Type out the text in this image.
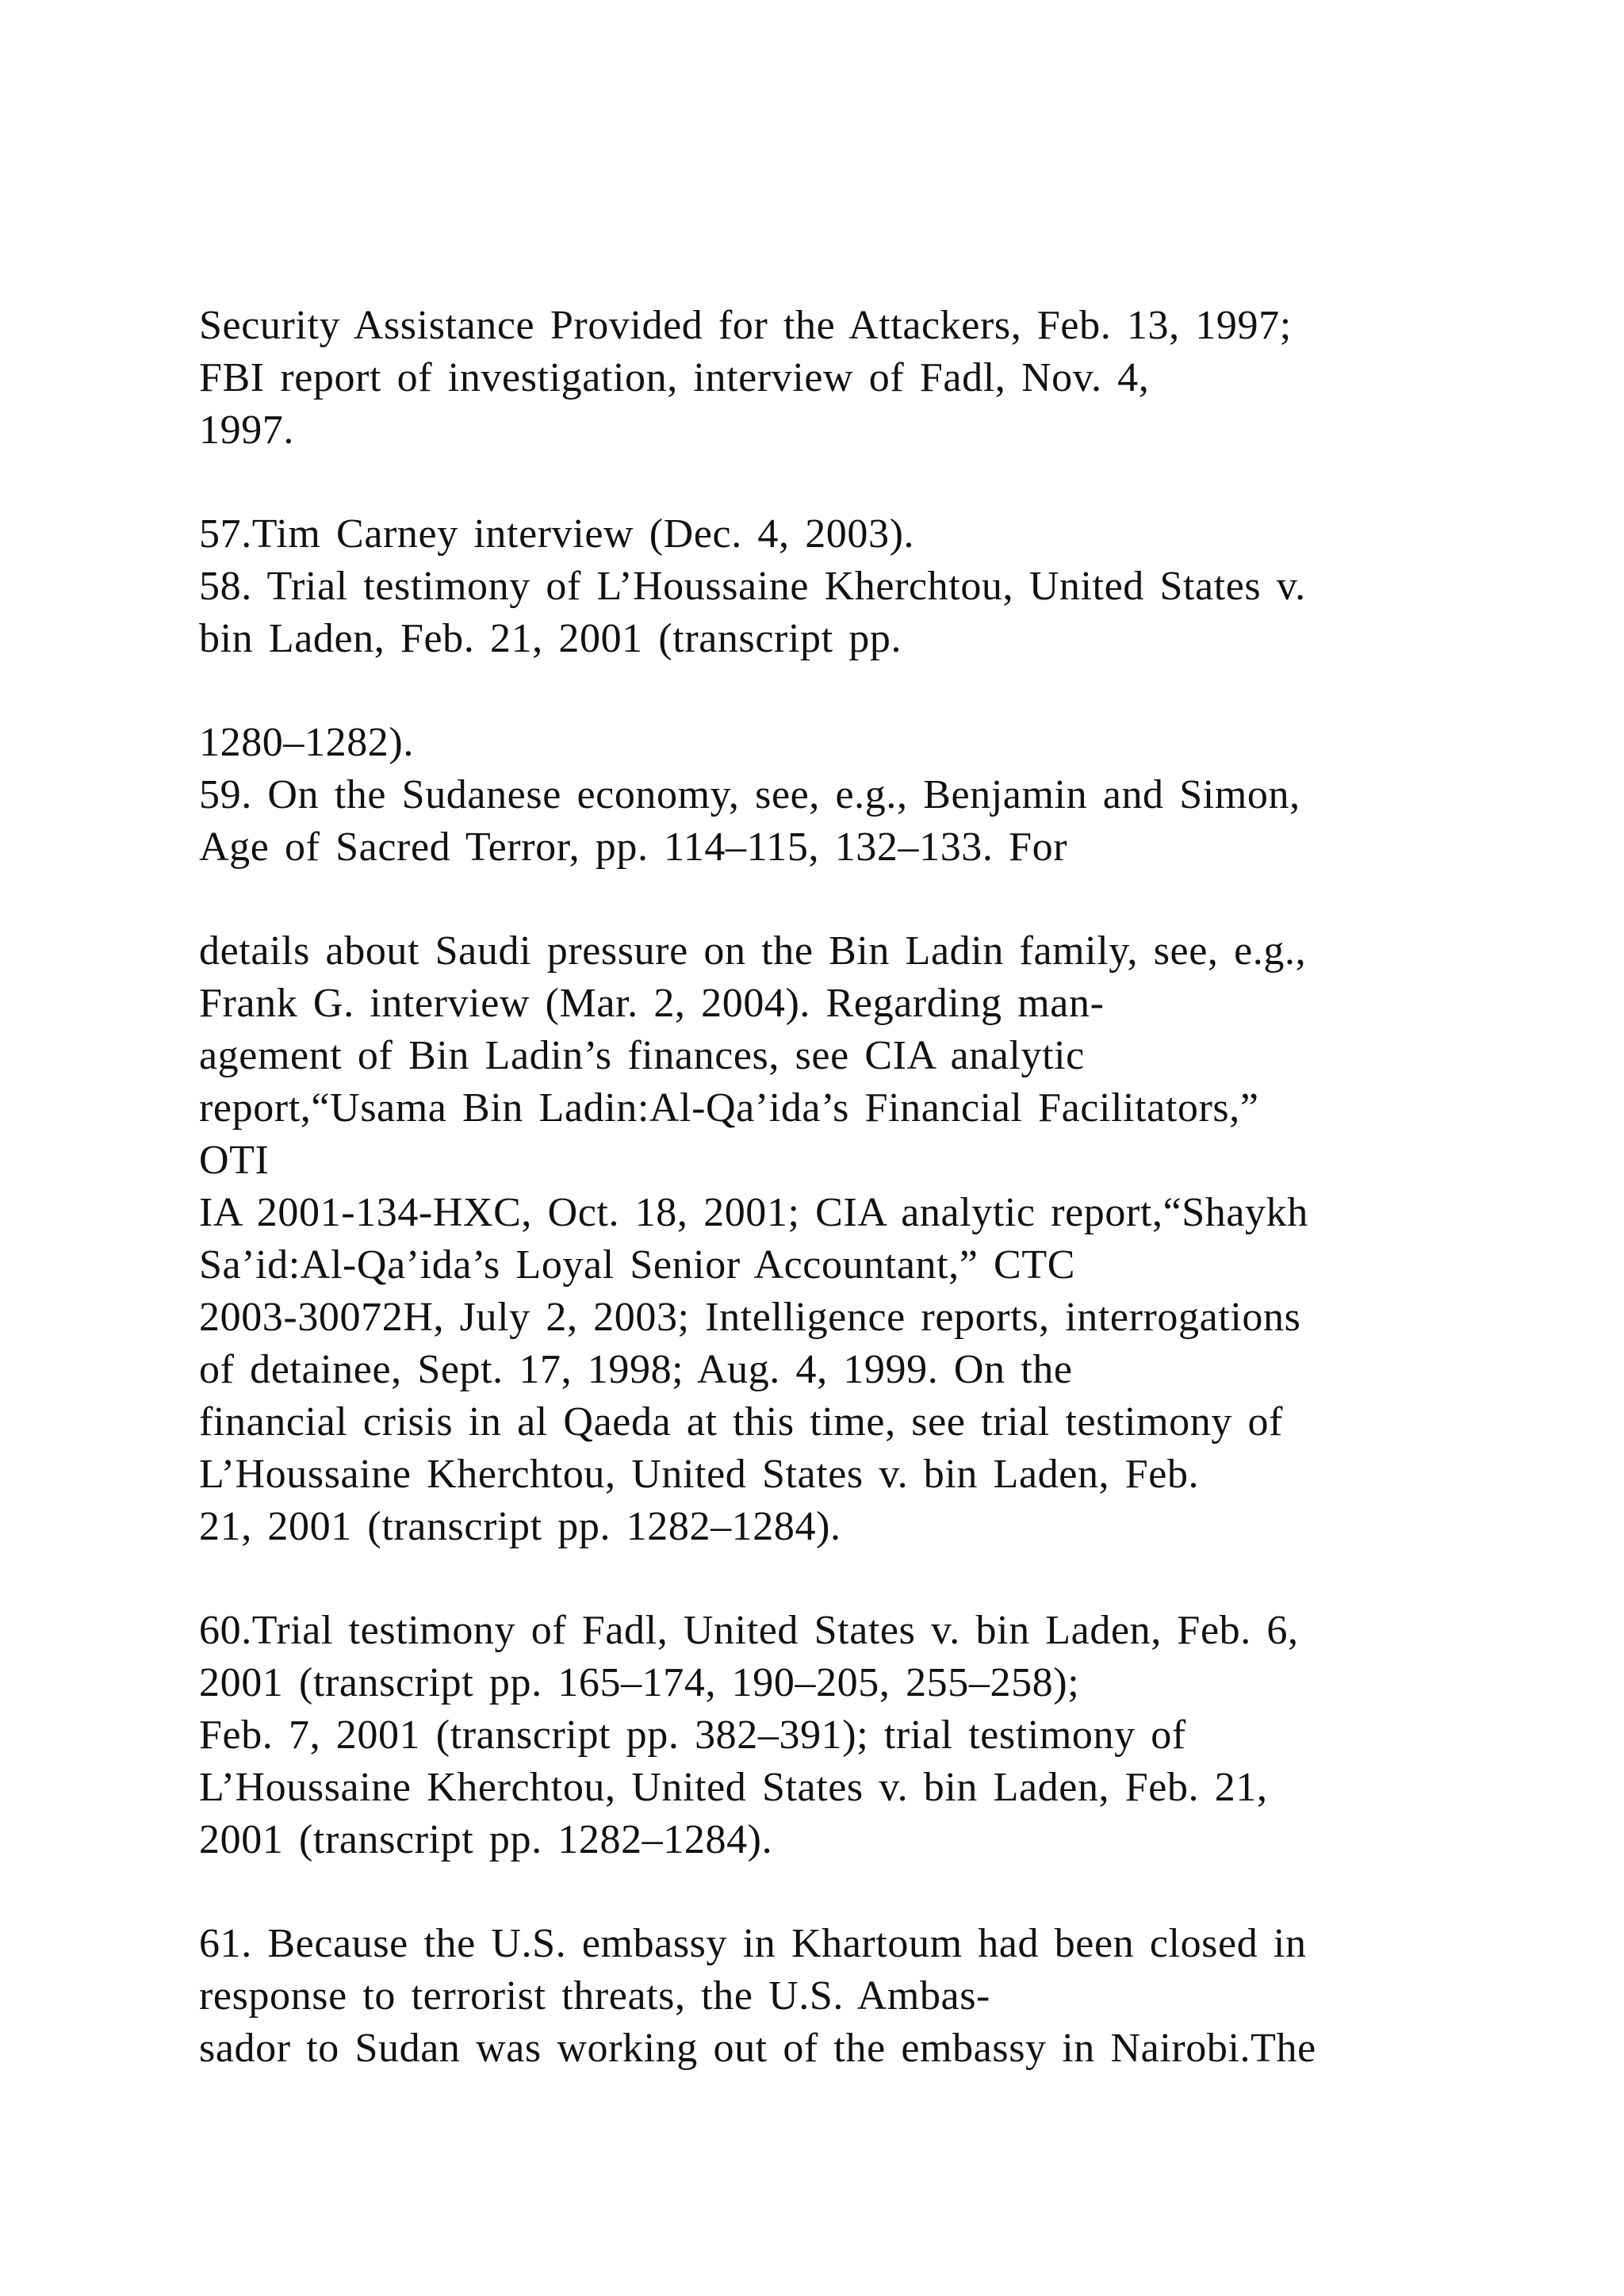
Security Assistance Provided for the Attackers, Feb. 13, 1997;
FBI report of investigation, interview of Fadl, Nov. 4,
1997.
57.Tim Carney interview (Dec. 4, 2003).
58. Trial testimony of L’Houssaine Kherchtou, United States v.
bin Laden, Feb. 21, 2001 (transcript pp.
1280–1282).
59. On the Sudanese economy, see, e.g., Benjamin and Simon,
Age of Sacred Terror, pp. 114–115, 132–133. For
details about Saudi pressure on the Bin Ladin family, see, e.g.,
Frank G. interview (Mar. 2, 2004). Regarding man-
agement of Bin Ladin’s finances, see CIA analytic
report,“Usama Bin Ladin:Al-Qa’ida’s Financial Facilitators,”
OTI
IA 2001-134-HXC, Oct. 18, 2001; CIA analytic report,“Shaykh
Sa’id:Al-Qa’ida’s Loyal Senior Accountant,” CTC
2003-30072H, July 2, 2003; Intelligence reports, interrogations
of detainee, Sept. 17, 1998; Aug. 4, 1999. On the
financial crisis in al Qaeda at this time, see trial testimony of
L’Houssaine Kherchtou, United States v. bin Laden, Feb.
21, 2001 (transcript pp. 1282–1284).
60.Trial testimony of Fadl, United States v. bin Laden, Feb. 6,
2001 (transcript pp. 165–174, 190–205, 255–258);
Feb. 7, 2001 (transcript pp. 382–391); trial testimony of
L’Houssaine Kherchtou, United States v. bin Laden, Feb. 21,
2001 (transcript pp. 1282–1284).
61. Because the U.S. embassy in Khartoum had been closed in
response to terrorist threats, the U.S. Ambas-
sador to Sudan was working out of the embassy in Nairobi.The
